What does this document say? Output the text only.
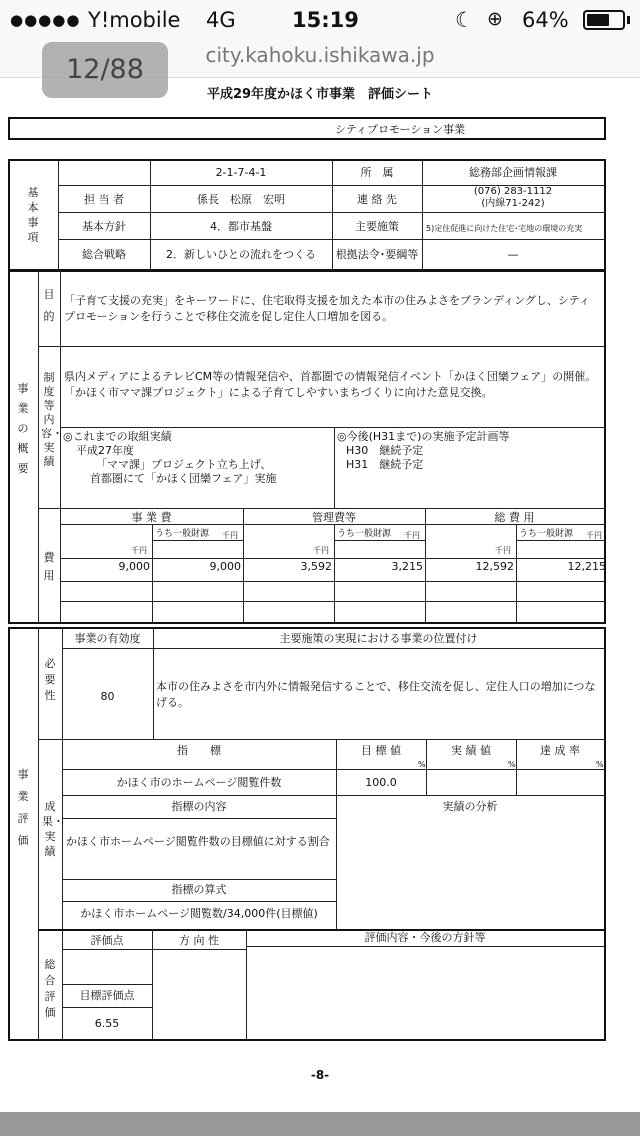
●●●●● Y!mobile 4G	15:19	☾ ⊕ 64%
city.kahoku.ishikawa.jp
平成29年度かほく市事業　評価シート
シティプロモーション事業
基本事項
2-1-7-4-1	所　属	総務部企画情報課
担 当 者	係長　松原　宏明	連 絡 先
(076) 283-1112
(内線71-242)
基本方針	4．都市基盤	主要施策	5)定住促進に向けた住宅･宅地の環境の充実
総合戦略	2．新しいひとの流れをつくる	根拠法令･要綱等	—
事業の概要
目的
「子育て支援の充実」をキーワードに、住宅取得支援を加えた本市の住みよさをブランディングし、シティプロモーションを行うことで移住交流を促し定住人口増加を図る。
制度等内容・実績
県内メディアによるテレビCM等の情報発信や、首都圏での情報発信イベント「かほく団欒フェア」の開催。「かほく市ママ課プロジェクト」による子育てしやすいまちづくりに向けた意見交換。
◎これまでの取組実績
平成27年度
「ママ課」プロジェクト立ち上げ、
首都圏にて「かほく団欒フェア」実施
◎今後(H31まで)の実施予定計画等
H30　継続予定
H31　継続予定
費用
事 業 費	管理費等	総 費 用
うち一般財源	うち一般財源	うち一般財源
千円	千円	千円
千円	千円	千円
9,000	9,000	3,592	3,215	12,592	12,215
事業評価
必要性
事業の有効度	主要施策の実現における事業の位置付け
80
本市の住みよさを市内外に情報発信することで、移住交流を促し、定住人口の増加につなげる。
成果・実績
指　　標	目 標 値	実 績 値	達 成 率
%	%	%
かほく市のホームページ閲覧件数	100.0
指標の内容	実績の分析
かほく市ホームページ閲覧件数の目標値に対する割合
指標の算式
かほく市ホームページ閲覧数/34,000件(目標値)
総合評価
評価点	方 向 性	評価内容・今後の方針等
目標評価点
6.55
-8-
12/88
